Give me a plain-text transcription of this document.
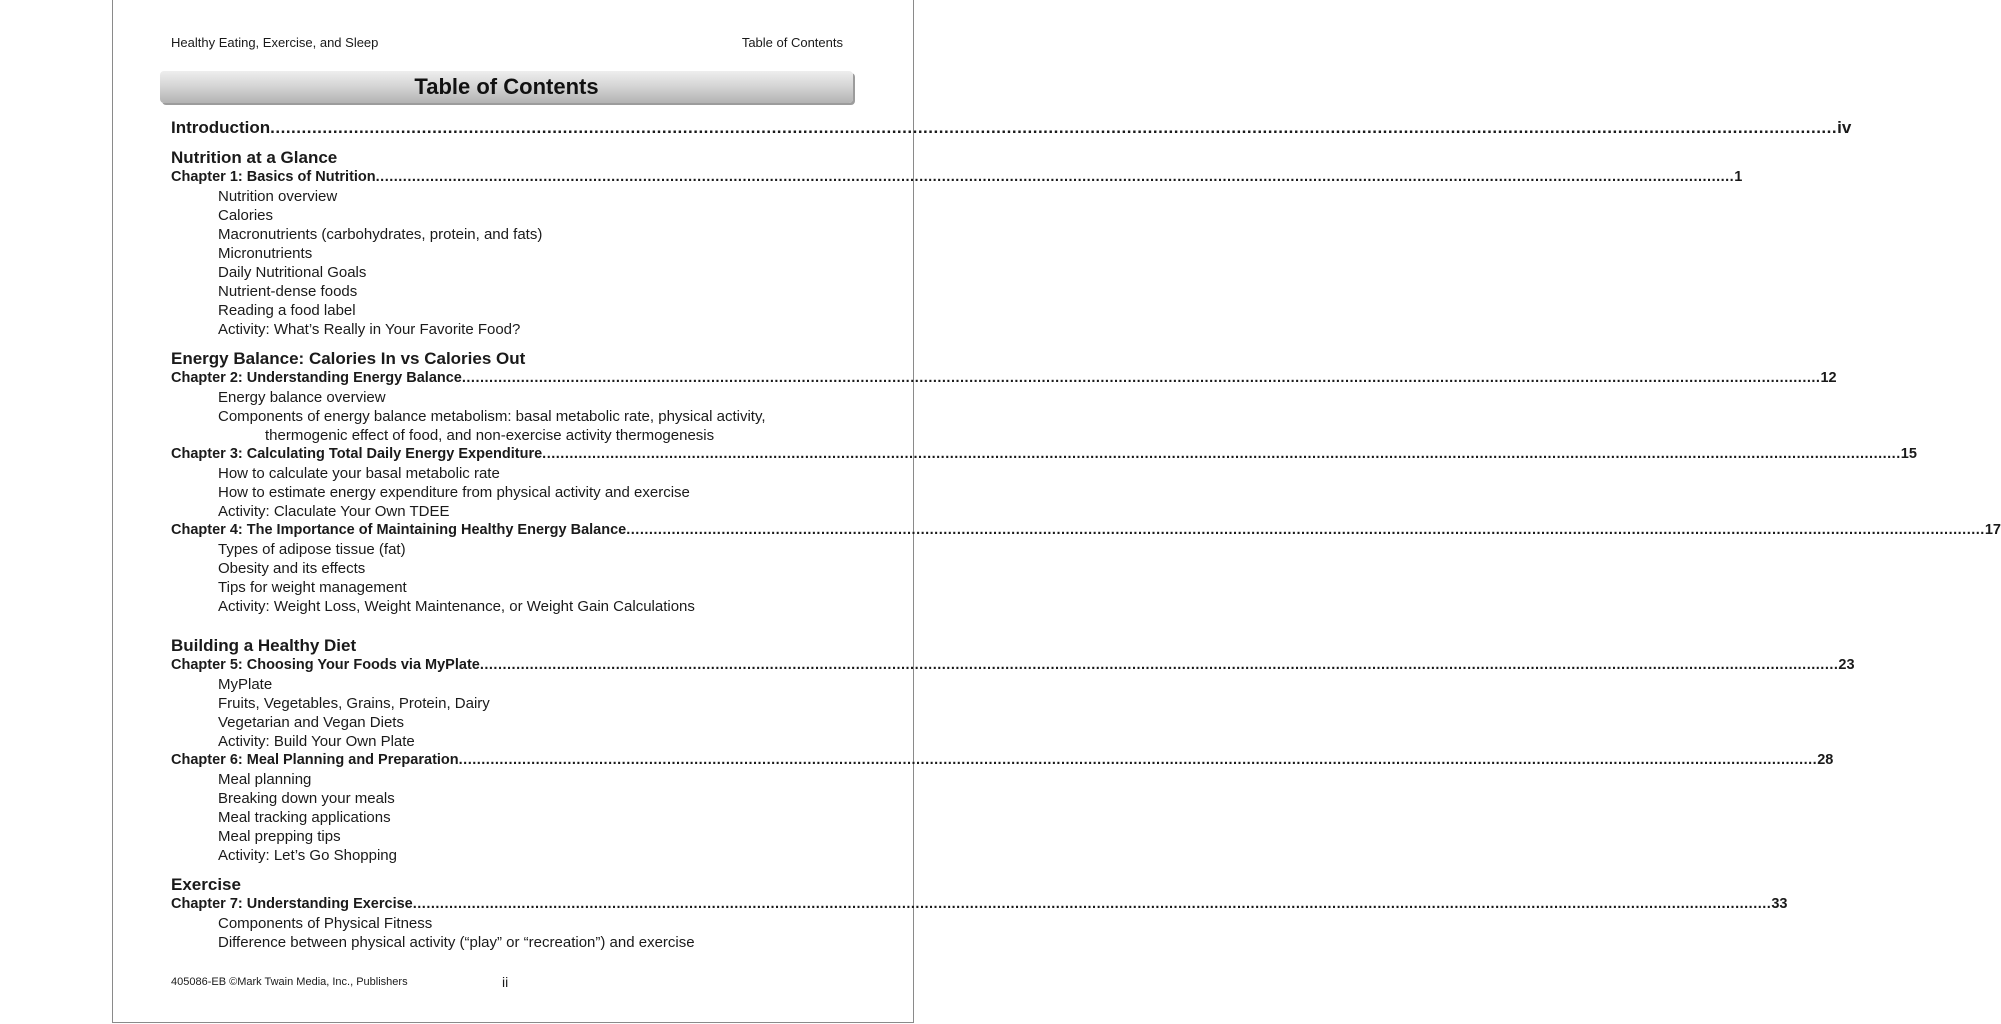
Healthy Eating, Exercise, and Sleep	Table of Contents
Table of Contents
Introduction ............................................................................................................................................................................................................................................................................................................ iv
Nutrition at a Glance
Chapter 1: Basics of Nutrition ............................................................................................................................................................................................................................................................................................................ 1
Nutrition overview
Calories
Macronutrients (carbohydrates, protein, and fats)
Micronutrients
Daily Nutritional Goals
Nutrient-dense foods
Reading a food label
Activity: What’s Really in Your Favorite Food?
Energy Balance: Calories In vs Calories Out
Chapter 2: Understanding Energy Balance ............................................................................................................................................................................................................................................................................................................ 12
Energy balance overview
Components of energy balance metabolism: basal metabolic rate, physical activity,
thermogenic effect of food, and non-exercise activity thermogenesis
Chapter 3: Calculating Total Daily Energy Expenditure ............................................................................................................................................................................................................................................................................................................ 15
How to calculate your basal metabolic rate
How to estimate energy expenditure from physical activity and exercise
Activity: Claculate Your Own TDEE
Chapter 4: The Importance of Maintaining Healthy Energy Balance ............................................................................................................................................................................................................................................................................................................ 17
Types of adipose tissue (fat)
Obesity and its effects
Tips for weight management
Activity: Weight Loss, Weight Maintenance, or Weight Gain Calculations
Building a Healthy Diet
Chapter 5: Choosing Your Foods via MyPlate ............................................................................................................................................................................................................................................................................................................ 23
MyPlate
Fruits, Vegetables, Grains, Protein, Dairy
Vegetarian and Vegan Diets
Activity: Build Your Own Plate
Chapter 6: Meal Planning and Preparation ............................................................................................................................................................................................................................................................................................................ 28
Meal planning
Breaking down your meals
Meal tracking applications
Meal prepping tips
Activity: Let’s Go Shopping
Exercise
Chapter 7: Understanding Exercise ............................................................................................................................................................................................................................................................................................................ 33
Components of Physical Fitness
Difference between physical activity (“play” or “recreation”) and exercise
405086-EB ©Mark Twain Media, Inc., Publishers	ii
